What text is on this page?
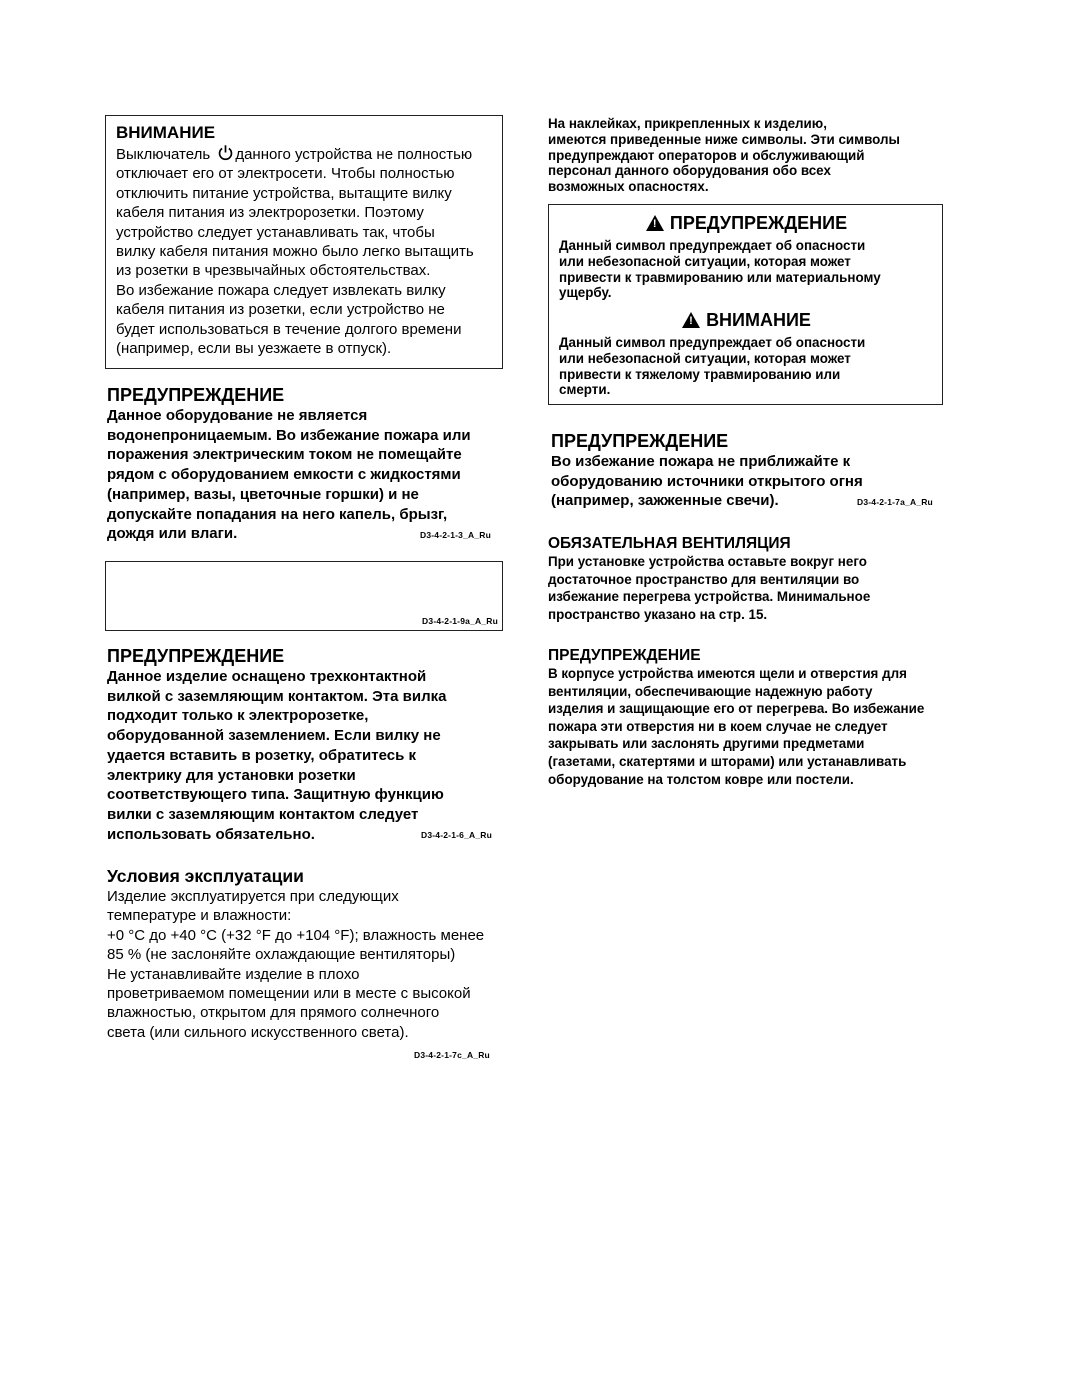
ВНИМАНИЕ

Выключатель данного устройства не полностью

отключает его от электросети. Чтобы полностью

отключить питание устройства, вытащите вилку

кабеля питания из электророзетки. Поэтому

устройство следует устанавливать так, чтобы

вилку кабеля питания можно было легко вытащить

из розетки в чрезвычайных обстоятельствах.

Во избежание пожара следует извлекать вилку

кабеля питания из розетки, если устройство не

будет использоваться в течение долгого времени

(например, если вы уезжаете в отпуск).

ПРЕДУПРЕЖДЕНИЕ

Данное оборудование не является

водонепроницаемым. Во избежание пожара или

поражения электрическим током не помещайте

рядом с оборудованием емкости с жидкостями

(например, вазы, цветочные горшки) и не

допускайте попадания на него капель, брызг,

дождя или влаги.	D3-4-2-1-3_A_Ru
D3-4-2-1-9a_A_Ru

ПРЕДУПРЕЖДЕНИЕ

Данное изделие оснащено трехконтактной

вилкой с заземляющим контактом. Эта вилка

подходит только к электророзетке,

оборудованной заземлением. Если вилку не

удается вставить в розетку, обратитесь к

электрику для установки розетки

соответствующего типа. Защитную функцию

вилки с заземляющим контактом следует

использовать обязательно.	D3-4-2-1-6_A_Ru

Условия эксплуатации

Изделие эксплуатируется при следующих

температуре и влажности:

+0 °C до +40 °C (+32 °F до +104 °F); влажность менее

85 % (не заслоняйте охлаждающие вентиляторы)

Не устанавливайте изделие в плохо

проветриваемом помещении или в месте с высокой

влажностью, открытом для прямого солнечного

света (или сильного искусственного света).

D3-4-2-1-7c_A_Ru

На наклейках, прикрепленных к изделию,

имеются приведенные ниже символы. Эти символы

предупреждают операторов и обслуживающий

персонал данного оборудования обо всех

возможных опасностях.

!ПРЕДУПРЕЖДЕНИЕ

Данный символ предупреждает об опасности

или небезопасной ситуации, которая может

привести к травмированию или материальному

ущербу.

!ВНИМАНИЕ

Данный символ предупреждает об опасности

или небезопасной ситуации, которая может

привести к тяжелому травмированию или

смерти.

ПРЕДУПРЕЖДЕНИЕ

Во избежание пожара не приближайте к

оборудованию источники открытого огня

(например, зажженные свечи).	D3-4-2-1-7a_A_Ru

ОБЯЗАТЕЛЬНАЯ ВЕНТИЛЯЦИЯ

При установке устройства оставьте вокруг него

достаточное пространство для вентиляции во

избежание перегрева устройства. Минимальное

пространство указано на стр. 15.

ПРЕДУПРЕЖДЕНИЕ

В корпусе устройства имеются щели и отверстия для

вентиляции, обеспечивающие надежную работу

изделия и защищающие его от перегрева. Во избежание

пожара эти отверстия ни в коем случае не следует

закрывать или заслонять другими предметами

(газетами, скатертями и шторами) или устанавливать

оборудование на толстом ковре или постели.
